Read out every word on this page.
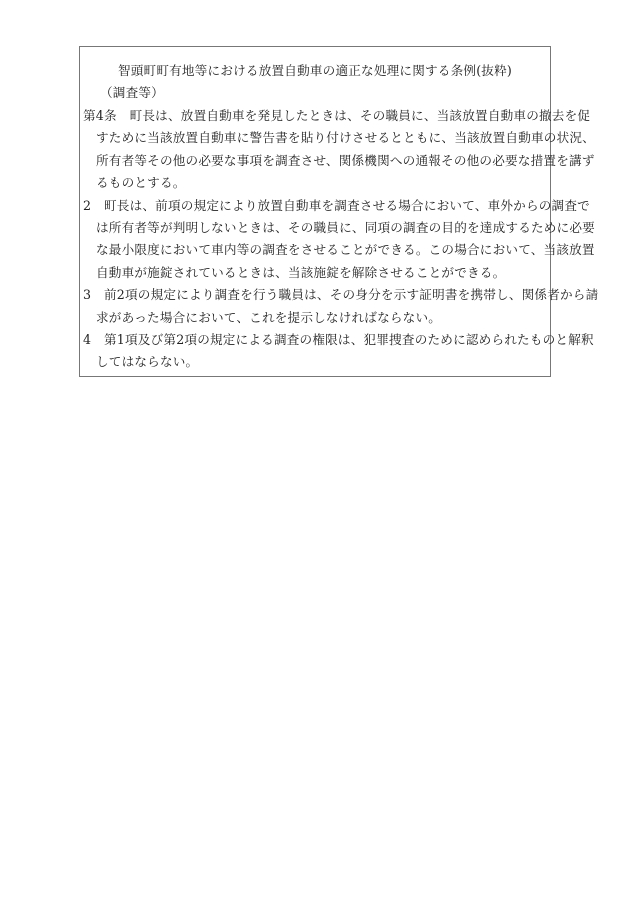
智頭町町有地等における放置自動車の適正な処理に関する条例(抜粋)
（調査等）
第4条　町長は、放置自動車を発見したときは、その職員に、当該放置自動車の撤去を促
すために当該放置自動車に警告書を貼り付けさせるとともに、当該放置自動車の状況、
所有者等その他の必要な事項を調査させ、関係機関への通報その他の必要な措置を講ず
るものとする。
2　町長は、前項の規定により放置自動車を調査させる場合において、車外からの調査で
は所有者等が判明しないときは、その職員に、同項の調査の目的を達成するために必要
な最小限度において車内等の調査をさせることができる。この場合において、当該放置
自動車が施錠されているときは、当該施錠を解除させることができる。
3　前2項の規定により調査を行う職員は、その身分を示す証明書を携帯し、関係者から請
求があった場合において、これを提示しなければならない。
4　第1項及び第2項の規定による調査の権限は、犯罪捜査のために認められたものと解釈
してはならない。
